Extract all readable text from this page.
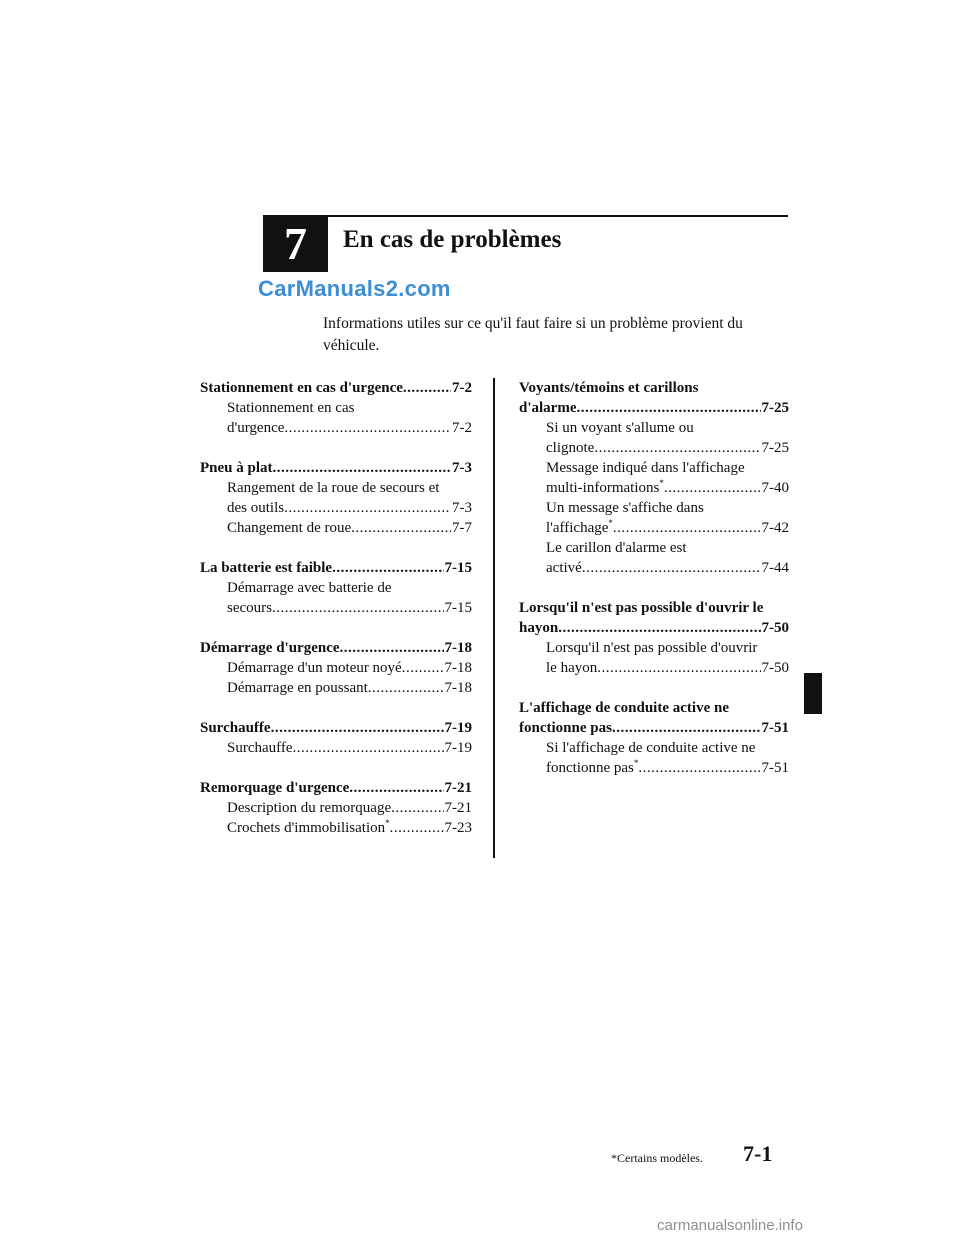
7 En cas de problèmes
CarManuals2.com

Informations utiles sur ce qu'il faut faire si un problème provient du véhicule.

Stationnement en cas d'urgence .....	7-2
Stationnement en cas
d'urgence .....	7-2
Pneu à plat .....	7-3
Rangement de la roue de secours et
des outils .....	7-3
Changement de roue .....	7-7
La batterie est faible .....	7-15
Démarrage avec batterie de
secours .....	7-15
Démarrage d'urgence .....	7-18
Démarrage d'un moteur noyé .....	7-18
Démarrage en poussant .....	7-18
Surchauffe .....	7-19
Surchauffe .....	7-19
Remorquage d'urgence .....	7-21
Description du remorquage .....	7-21
Crochets d'immobilisation* .....	7-23
Voyants/témoins et carillons
d'alarme .....	7-25
Si un voyant s'allume ou
clignote .....	7-25
Message indiqué dans l'affichage
multi-informations* .....	7-40
Un message s'affiche dans
l'affichage* .....	7-42
Le carillon d'alarme est
activé .....	7-44
Lorsqu'il n'est pas possible d'ouvrir le
hayon .....	7-50
Lorsqu'il n'est pas possible d'ouvrir
le hayon .....	7-50
L'affichage de conduite active ne
fonctionne pas .....	7-51
Si l'affichage de conduite active ne
fonctionne pas* .....	7-51
*Certains modèles. 7-1
carmanualsonline.info
